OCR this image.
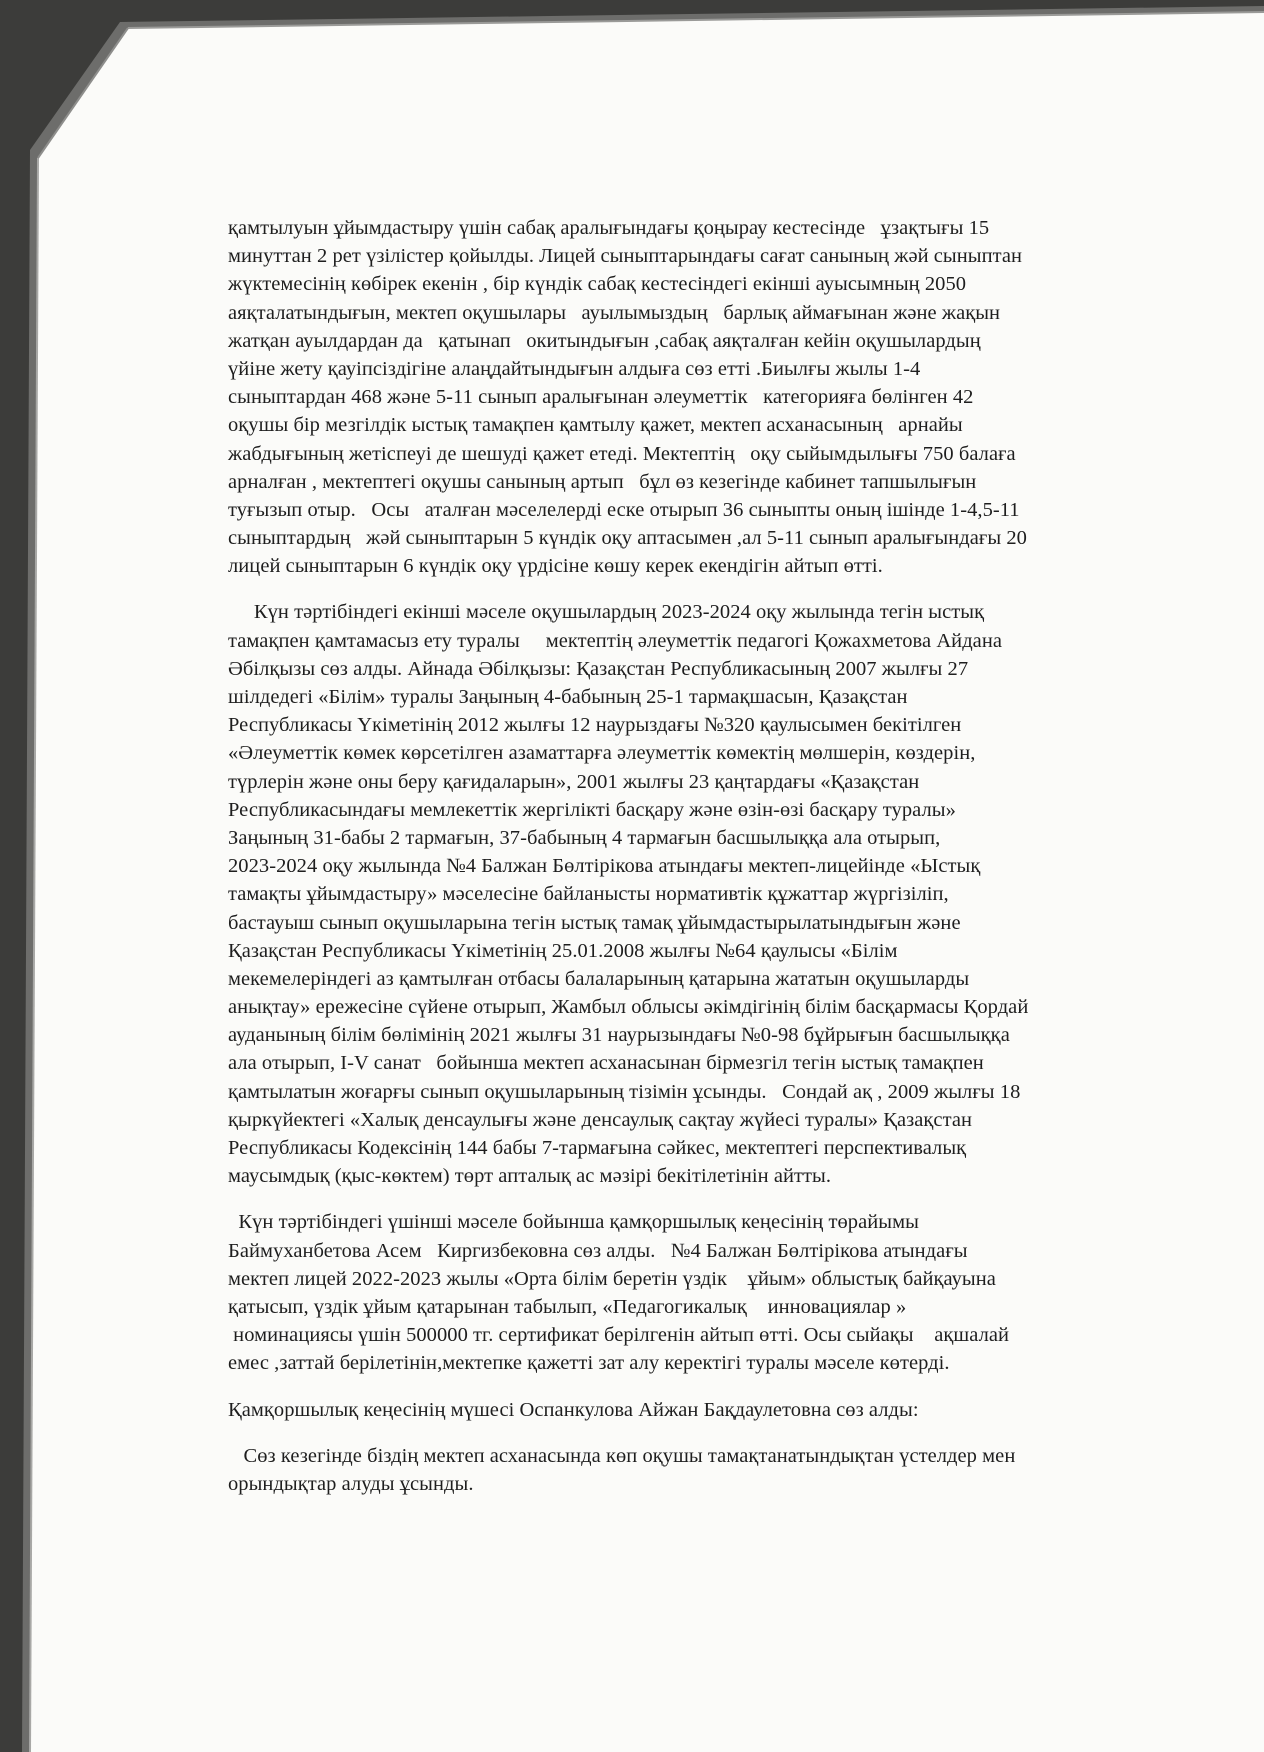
қамтылуын ұйымдастыру үшін сабақ аралығындағы қоңырау кестесінде   ұзақтығы 15
минуттан 2 рет үзілістер қойылды. Лицей сыныптарындағы сағат санының жәй сыныптан
жүктемесінің көбірек екенін , бір күндік сабақ кестесіндегі екінші ауысымның 2050
аяқталатындығын, мектеп оқушылары   ауылымыздың   барлық аймағынан және жақын
жатқан ауылдардан да   қатынап   окитындығын ,сабақ аяқталған кейін оқушылардың
үйіне жету қауіпсіздігіне алаңдайтындығын алдыға сөз етті .Биылғы жылы 1-4
сыныптардан 468 және 5-11 сынып аралығынан әлеуметтік   категорияға бөлінген 42
оқушы бір мезгілдік ыстық тамақпен қамтылу қажет, мектеп асханасының   арнайы
жабдығының жетіспеуі де шешуді қажет етеді. Мектептің   оқу сыйымдылығы 750 балаға
арналған , мектептегі оқушы санының артып   бұл өз кезегінде кабинет тапшылығын
туғызып отыр.   Осы   аталған мәселелерді еске отырып 36 сыныпты оның ішінде 1-4,5-11
сыныптардың   жәй сыныптарын 5 күндік оқу аптасымен ,ал 5-11 сынып аралығындағы 20
лицей сыныптарын 6 күндік оқу үрдісіне көшу керек екендігін айтып өтті.

Күн тәртібіндегі екінші мәселе оқушылардың 2023-2024 оқу жылында тегін ыстық
тамақпен қамтамасыз ету туралы     мектептің әлеуметтік педагогі Қожахметова Айдана
Әбілқызы сөз алды. Айнада Әбілқызы: Қазақстан Республикасының 2007 жылғы 27
шілдедегі «Білім» туралы Заңының 4-бабының 25-1 тармақшасын, Қазақстан
Республикасы Үкіметінің 2012 жылғы 12 наурыздағы №320 қаулысымен бекітілген
«Әлеуметтік көмек көрсетілген азаматтарға әлеуметтік көмектің мөлшерін, көздерін,
түрлерін және оны беру қағидаларын», 2001 жылғы 23 қаңтардағы «Қазақстан
Республикасындағы мемлекеттік жергілікті басқару және өзін-өзі басқару туралы»
Заңының 31-бабы 2 тармағын, 37-бабының 4 тармағын басшылыққа ала отырып,
2023-2024 оқу жылында №4 Балжан Бөлтірікова атындағы мектеп-лицейінде «Ыстық
тамақты ұйымдастыру» мәселесіне байланысты нормативтік құжаттар жүргізіліп,
бастауыш сынып оқушыларына тегін ыстық тамақ ұйымдастырылатындығын және
Қазақстан Республикасы Үкіметінің 25.01.2008 жылғы №64 қаулысы «Білім
мекемелеріндегі аз қамтылған отбасы балаларының қатарына жататын оқушыларды
анықтау» ережесіне сүйене отырып, Жамбыл облысы әкімдігінің білім басқармасы Қордай
ауданының білім бөлімінің 2021 жылғы 31 наурызындағы №0-98 бұйрығын басшылыққа
ала отырып, I-V санат   бойынша мектеп асханасынан бірмезгіл тегін ыстық тамақпен
қамтылатын жоғарғы сынып оқушыларының тізімін ұсынды.   Сондай ақ , 2009 жылғы 18
қыркүйектегі «Халық денсаулығы және денсаулық сақтау жүйесі туралы» Қазақстан
Республикасы Кодексінің 144 бабы 7-тармағына сәйкес, мектептегі перспективалық
маусымдық (қыс-көктем) төрт апталық ас мәзірі бекітілетінін айтты.

Күн тәртібіндегі үшінші мәселе бойынша қамқоршылық кеңесінің төрайымы
Баймуханбетова Асем   Киргизбековна сөз алды.   №4 Балжан Бөлтірікова атындағы
мектеп лицей 2022-2023 жылы «Орта білім беретін үздік    ұйым» облыстық байқауына
қатысып, үздік ұйым қатарынан табылып, «Педагогикалық    инновациялар »
номинациясы үшін 500000 тг. сертификат берілгенін айтып өтті. Осы сыйақы    ақшалай
емес ,заттай берілетінін,мектепке қажетті зат алу керектігі туралы мәселе көтерді.

Қамқоршылық кеңесінің мүшесі Оспанкулова Айжан Бақдаулетовна сөз алды:

Сөз кезегінде біздің мектеп асханасында көп оқушы тамақтанатындықтан үстелдер мен
орындықтар алуды ұсынды.
